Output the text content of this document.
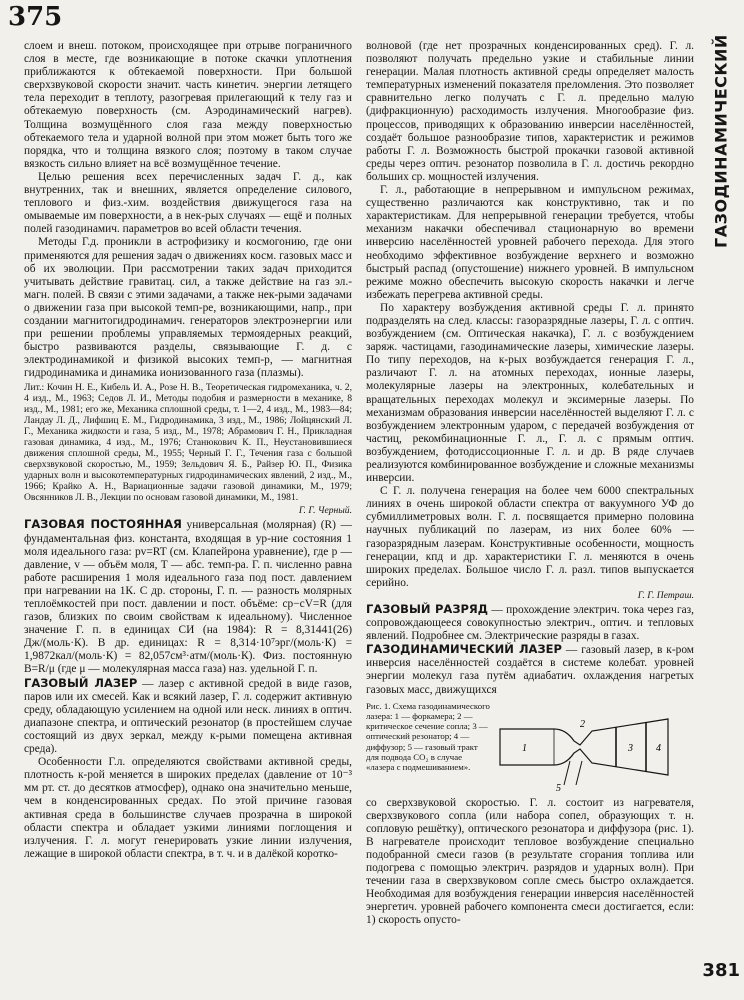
375
ГАЗОДИНАМИЧЕСКИЙ
381

слоем и внеш. потоком, происходящее при отрыве пограничного слоя в месте, где возникающие в потоке скачки уплотнения приближаются к обтекаемой поверхности. При большой сверхзвуковой скорости значит. часть кинетич. энергии летящего тела переходит в теплоту, разогревая прилегающий к телу газ и обтекаемую поверхность (см. Аэродинамический нагрев). Толщина возмущённого слоя газа между поверхностью обтекаемого тела и ударной волной при этом может быть того же порядка, что и толщина вязкого слоя; поэтому в таком случае вязкость сильно влияет на всё возмущённое течение.

Целью решения всех перечисленных задач Г. д., как внутренних, так и внешних, является определение силового, теплового и физ.-хим. воздействия движущегося газа на омываемые им поверхности, а в нек-рых случаях — ещё и полных полей газодинамич. параметров во всей области течения.

Методы Г.д. проникли в астрофизику и космогонию, где они применяются для решения задач о движениях косм. газовых масс и об их эволюции. При рассмотрении таких задач приходится учитывать действие гравитац. сил, а также действие на газ эл.-магн. полей. В связи с этими задачами, а также нек-рыми задачами о движении газа при высокой темп-ре, возникающими, напр., при создании магнитогидродинамич. генераторов электроэнергии или при решении проблемы управляемых термоядерных реакций, быстро развиваются разделы, связывающие Г. д. с электродинамикой и физикой высоких темп-р, — магнитная гидродинамика и динамика ионизованного газа (плазмы).

Лит.: Кочин Н. Е., Кибель И. А., Розе Н. В., Теоретическая гидромеханика, ч. 2, 4 изд., М., 1963; Седов Л. И., Методы подобия и размерности в механике, 8 изд., М., 1981; его же, Механика сплошной среды, т. 1—2, 4 изд., М., 1983—84; Ландау Л. Д., Лифшиц Е. М., Гидродинамика, 3 изд., М., 1986; Лойцянский Л. Г., Механика жидкости и газа, 5 изд., М., 1978; Абрамович Г. Н., Прикладная газовая динамика, 4 изд., М., 1976; Станюкович К. П., Неустановившиеся движения сплошной среды, М., 1955; Черный Г. Г., Течения газа с большой сверхзвуковой скоростью, М., 1959; Зельдович Я. Б., Райзер Ю. П., Физика ударных волн и высокотемпературных гидродинамических явлений, 2 изд., М., 1966; Крайко А. Н., Вариационные задачи газовой динамики, М., 1979; Овсянников Л. В., Лекции по основам газовой динамики, М., 1981.

Г. Г. Черный.

ГАЗОВАЯ ПОСТОЯННАЯ универсальная (молярная) (R) — фундаментальная физ. константа, входящая в ур-ние состояния 1 моля идеального газа: pv=RT (см. Клапейрона уравнение), где p — давление, v — объём моля, T — абс. темп-ра. Г. п. численно равна работе расширения 1 моля идеального газа под пост. давлением при нагревании на 1К. С др. стороны, Г. п. — разность молярных теплоёмкостей при пост. давлении и пост. объёме: cp−cV=R (для газов, близких по своим свойствам к идеальному). Численное значение Г. п. в единицах СИ (на 1984): R = 8,31441(26) Дж/(моль·К). В др. единицах: R = 8,314·10⁷эрг/(моль·К) = 1,9872кал/(моль·К) = 82,057см³·атм/(моль·К). Физ. постоянную B=R/μ (где μ — молекулярная масса газа) наз. удельной Г. п.

ГАЗОВЫЙ ЛАЗЕР — лазер с активной средой в виде газов, паров или их смесей. Как и всякий лазер, Г. л. содержит активную среду, обладающую усилением на одной или неск. линиях в оптич. диапазоне спектра, и оптический резонатор (в простейшем случае состоящий из двух зеркал, между к-рыми помещена активная среда).

Особенности Г.л. определяются свойствами активной среды, плотность к-рой меняется в широких пределах (давление от 10⁻³ мм рт. ст. до десятков атмосфер), однако она значительно меньше, чем в конденсированных средах. По этой причине газовая активная среда в большинстве случаев прозрачна в широкой области спектра и обладает узкими линиями поглощения и излучения. Г. л. могут генерировать узкие линии излучения, лежащие в широкой области спектра, в т. ч. и в далёкой коротко-

волновой (где нет прозрачных конденсированных сред). Г. л. позволяют получать предельно узкие и стабильные линии генерации. Малая плотность активной среды определяет малость температурных изменений показателя преломления. Это позволяет сравнительно легко получать с Г. л. предельно малую (дифракционную) расходимость излучения. Многообразие физ. процессов, приводящих к образованию инверсии населённостей, создаёт большое разнообразие типов, характеристик и режимов работы Г. л. Возможность быстрой прокачки газовой активной среды через оптич. резонатор позволила в Г. л. достичь рекордно больших ср. мощностей излучения.

Г. л., работающие в непрерывном и импульсном режимах, существенно различаются как конструктивно, так и по характеристикам. Для непрерывной генерации требуется, чтобы механизм накачки обеспечивал стационарную во времени инверсию населённостей уровней рабочего перехода. Для этого необходимо эффективное возбуждение верхнего и возможно быстрый распад (опустошение) нижнего уровней. В импульсном режиме можно обеспечить высокую скорость накачки и легче избежать перегрева активной среды.

По характеру возбуждения активной среды Г. л. принято подразделять на след. классы: газоразрядные лазеры, Г. л. с оптич. возбуждением (см. Оптическая накачка), Г. л. с возбуждением заряж. частицами, газодинамические лазеры, химические лазеры. По типу переходов, на к-рых возбуждается генерация Г. л., различают Г. л. на атомных переходах, ионные лазеры, молекулярные лазеры на электронных, колебательных и вращательных переходах молекул и эксимерные лазеры. По механизмам образования инверсии населённостей выделяют Г. л. с возбуждением электронным ударом, с передачей возбуждения от частиц, рекомбинационные Г. л., Г. л. с прямым оптич. возбуждением, фотодиссоционные Г. л. и др. В ряде случаев реализуются комбинированное возбуждение и сложные механизмы инверсии.

С Г. л. получена генерация на более чем 6000 спектральных линиях в очень широкой области спектра от вакуумного УФ до субмиллиметровых волн. Г. л. посвящается примерно половина научных публикаций по лазерам, из них более 60% — газоразрядным лазерам. Конструктивные особенности, мощность генерации, кпд и др. характеристики Г. л. меняются в очень широких пределах. Большое число Г. л. разл. типов выпускается серийно.

Г. Г. Петраш.

ГАЗОВЫЙ РАЗРЯД — прохождение электрич. тока через газ, сопровождающееся совокупностью электрич., оптич. и тепловых явлений. Подробнее см. Электрические разряды в газах.

ГАЗОДИНАМИЧЕСКИЙ ЛАЗЕР — газовый лазер, в к-ром инверсия населённостей создаётся в системе колебат. уровней энергии молекул газа путём адиабатич. охлаждения нагретых газовых масс, движущихся

Рис. 1. Схема газодинамического лазера: 1 — форкамера; 2 — критическое сечение сопла; 3 — оптический резонатор; 4 — диффузор; 5 — газовый тракт для подвода CO₂ в случае «лазера с подмешиванием».
1
2
3 4
5

со сверхзвуковой скоростью. Г. л. состоит из нагревателя, сверхзвукового сопла (или набора сопел, образующих т. н. сопловую решётку), оптического резонатора и диффузора (рис. 1). В нагревателе происходит тепловое возбуждение специально подобранной смеси газов (в результате сгорания топлива или подогрева с помощью электрич. разрядов и ударных волн). При течении газа в сверхзвуковом сопле смесь быстро охлаждается. Необходимая для возбуждения генерации инверсия населённостей энергетич. уровней рабочего компонента смеси достигается, если: 1) скорость опусто-
